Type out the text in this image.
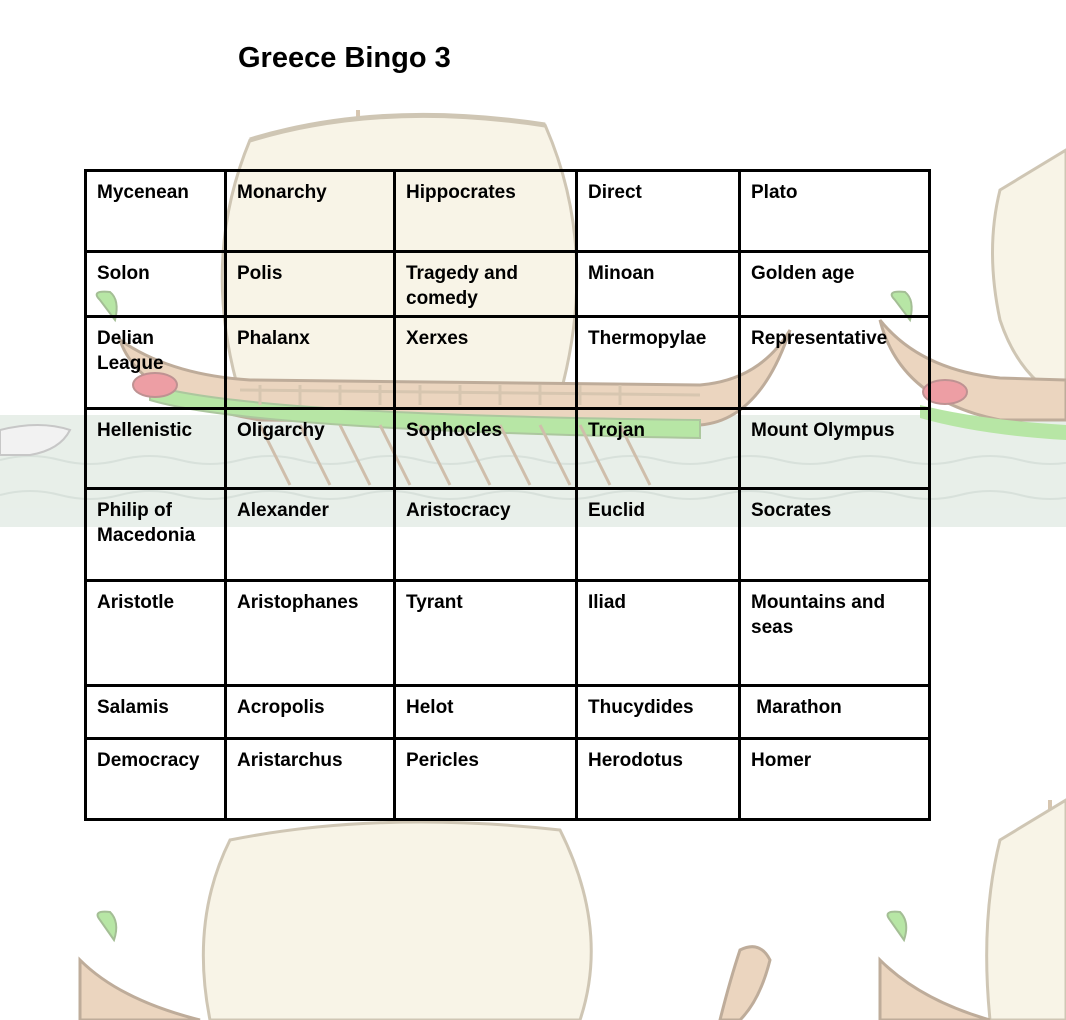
Greece Bingo 3
Mycenean	Monarchy	Hippocrates	Direct	Plato
Solon	Polis	Tragedy and comedy	Minoan	Golden age
Delian League	Phalanx	Xerxes	Thermopylae	Representative
Hellenistic	Oligarchy	Sophocles	Trojan	Mount Olympus
Philip of Macedonia	Alexander	Aristocracy	Euclid	Socrates
Aristotle	Aristophanes	Tyrant	Iliad	Mountains and seas
Salamis	Acropolis	Helot	Thucydides	Marathon
Democracy	Aristarchus	Pericles	Herodotus	Homer
